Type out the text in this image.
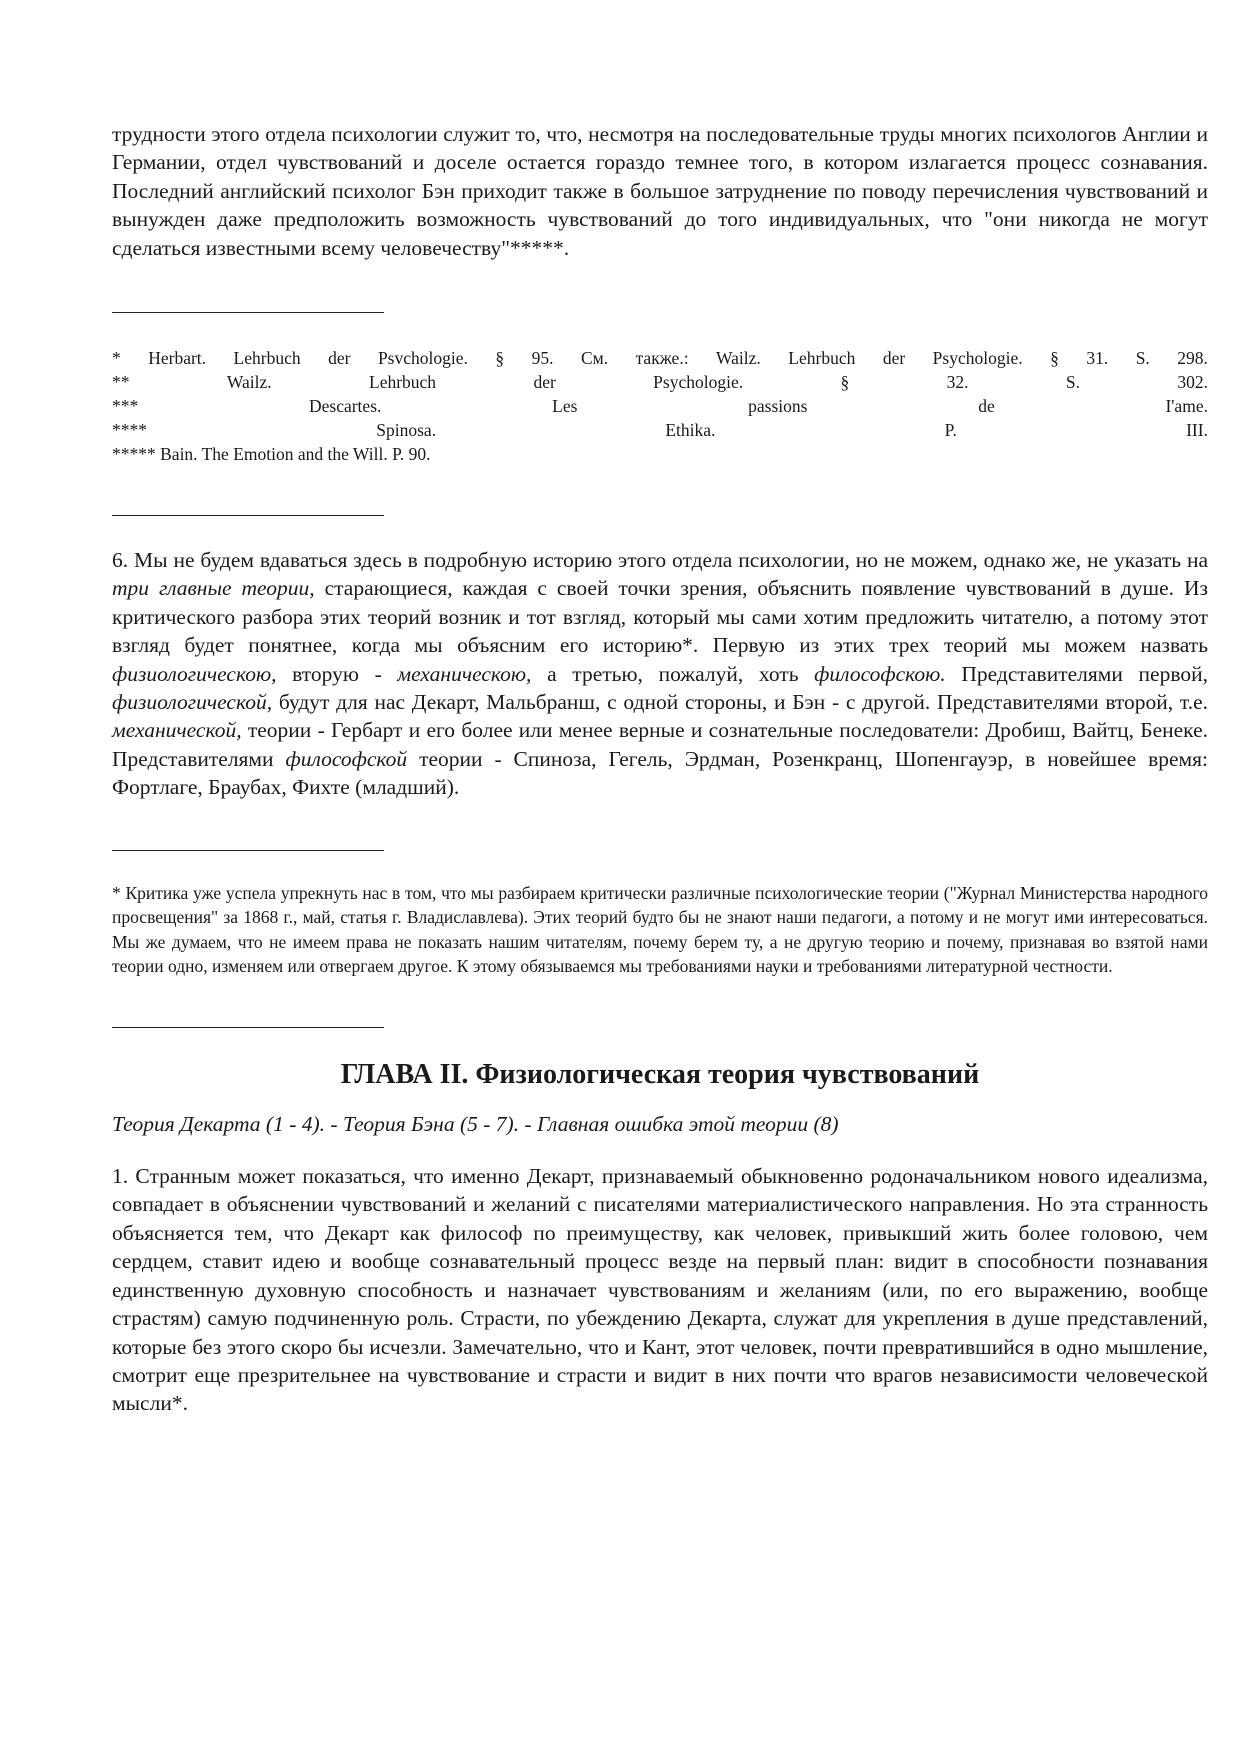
трудности этого отдела психологии служит то, что, несмотря на последовательные труды многих психологов Англии и Германии, отдел чувствований и доселе остается гораздо темнее того, в котором излагается процесс сознавания. Последний английский психолог Бэн приходит также в большое затруднение по поводу перечисления чувствований и вынужден даже предположить возможность чувствований до того индивидуальных, что "они никогда не могут сделаться известными всему человечеству"*****.

* Herbart. Lehrbuch der Psvchologie. § 95. См. также.: Wailz. Lehrbuch der Psychologie. § 31. S. 298.
**	Wailz.	Lehrbuch	der	Psychologie.	§	32.	S.	302.
***	Descartes.	Les	passions	de	I'ame.
****	Spinosa.	Ethika.	P.	III.
***** Bain. The Emotion and the Will. P. 90.

6. Мы не будем вдаваться здесь в подробную историю этого отдела психологии, но не можем, однако же, не указать на три главные теории, старающиеся, каждая с своей точки зрения, объяснить появление чувствований в душе. Из критического разбора этих теорий возник и тот взгляд, который мы сами хотим предложить читателю, а потому этот взгляд будет понятнее, когда мы объясним его историю*. Первую из этих трех теорий мы можем назвать физиологическою, вторую - механическою, а третью, пожалуй, хоть философскою. Представителями первой, физиологической, будут для нас Декарт, Мальбранш, с одной стороны, и Бэн - с другой. Представителями второй, т.е. механической, теории - Гербарт и его более или менее верные и сознательные последователи: Дробиш, Вайтц, Бенеке. Представителями философской теории - Спиноза, Гегель, Эрдман, Розенкранц, Шопенгауэр, в новейшее время: Фортлаге, Браубах, Фихте (младший).

* Критика уже успела упрекнуть нас в том, что мы разбираем критически различные психологические теории ("Журнал Министерства народного просвещения" за 1868 г., май, статья г. Владиславлева). Этих теорий будто бы не знают наши педагоги, а потому и не могут ими интересоваться. Мы же думаем, что не имеем права не показать нашим читателям, почему берем ту, а не другую теорию и почему, признавая во взятой нами теории одно, изменяем или отвергаем другое. К этому обязываемся мы требованиями науки и требованиями литературной честности.

ГЛАВА II. Физиологическая теория чувствований

Теория Декарта (1 - 4). - Теория Бэна (5 - 7). - Главная ошибка этой теории (8)

1. Странным может показаться, что именно Декарт, признаваемый обыкновенно родоначальником нового идеализма, совпадает в объяснении чувствований и желаний с писателями материалистического направления. Но эта странность объясняется тем, что Декарт как философ по преимуществу, как человек, привыкший жить более головою, чем сердцем, ставит идею и вообще сознавательный процесс везде на первый план: видит в способности познавания единственную духовную способность и назначает чувствованиям и желаниям (или, по его выражению, вообще страстям) самую подчиненную роль. Страсти, по убеждению Декарта, служат для укрепления в душе представлений, которые без этого скоро бы исчезли. Замечательно, что и Кант, этот человек, почти превратившийся в одно мышление, смотрит еще презрительнее на чувствование и страсти и видит в них почти что врагов независимости человеческой мысли*.
